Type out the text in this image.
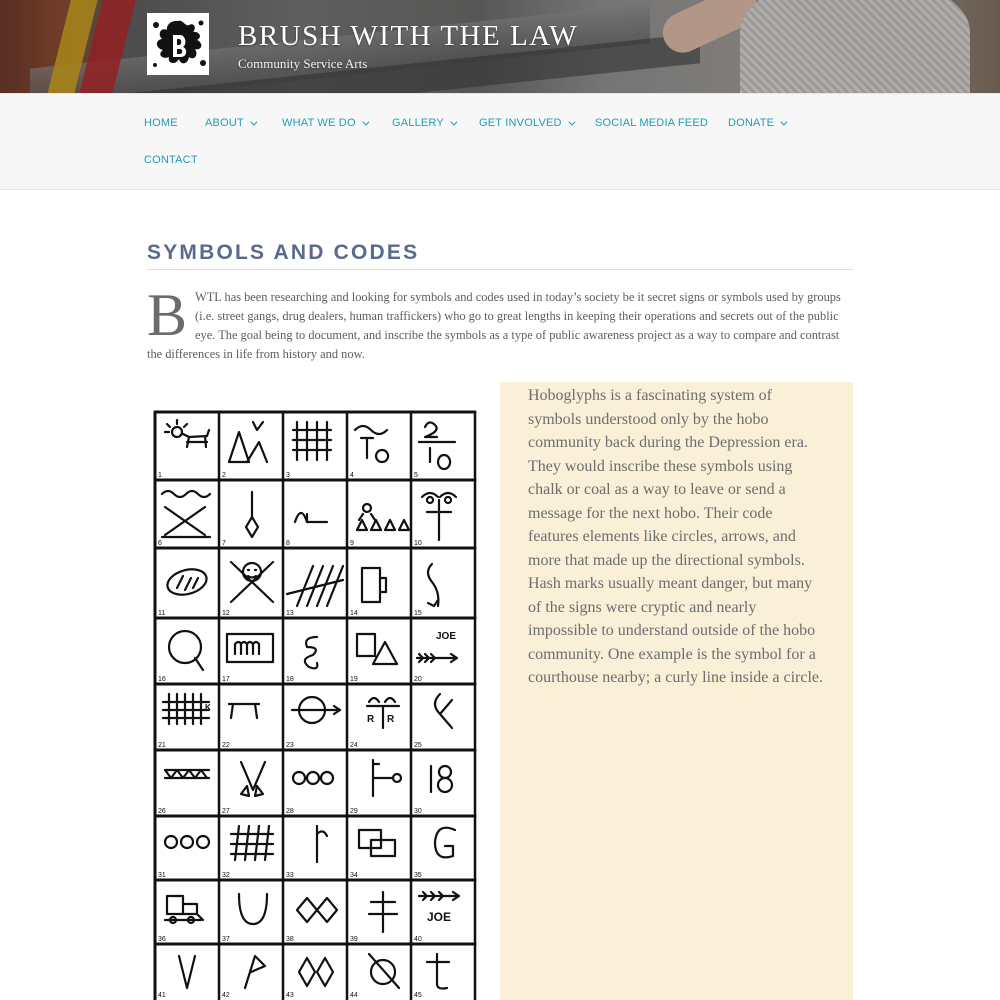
BRUSH WITH THE LAW
Community Service Arts
HOME ABOUT	WHAT WE DO	GALLERY	GET INVOLVED	SOCIAL MEDIA FEED DONATE
CONTACT
SYMBOLS AND CODES
B WTL has been researching and looking for symbols and codes used in today’s society be it secret signs or symbols used by groups (i.e. street gangs, drug dealers, human traffickers) who go to great lengths in keeping their operations and secrets out of the public eye. The goal being to document, and inscribe the symbols as a type of public awareness project as a way to compare and contrast the differences in life from history and now.
JOE
JOE
R R
K
1	2	3	4	5
6	7	8	9	10
11	12	13	14	15
16	17	18	19	20
21	22	23	24	25
26	27	28	29	30
31	32	33	34	35
36	37	38	39	40
41	42	43	44	45

Hoboglyphs is a fascinating system of symbols understood only by the hobo community back during the Depression era. They would inscribe these symbols using chalk or coal as a way to leave or send a message for the next hobo. Their code features elements like circles, arrows, and more that made up the directional symbols. Hash marks usually meant danger, but many of the signs were cryptic and nearly impossible to understand outside of the hobo community. One example is the symbol for a courthouse nearby; a curly line inside a circle.
